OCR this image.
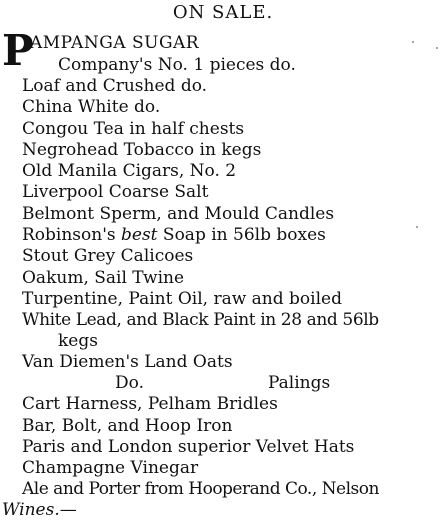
ON SALE.
P
AMPANGA SUGAR
Company's No. 1 pieces do.
Loaf and Crushed do.
China White do.
Congou Tea in half chests
Negrohead Tobacco in kegs
Old Manila Cigars, No. 2
Liverpool Coarse Salt
Belmont Sperm, and Mould Candles
Robinson's best Soap in 56lb boxes
Stout Grey Calicoes
Oakum, Sail Twine
Turpentine, Paint Oil, raw and boiled
White Lead, and Black Paint in 28 and 56lb
kegs
Van Diemen's Land Oats
Do.	Palings
Cart Harness, Pelham Bridles
Bar, Bolt, and Hoop Iron
Paris and London superior Velvet Hats
Champagne Vinegar
Ale and Porter from Hooperand Co., Nelson
Wines.—
